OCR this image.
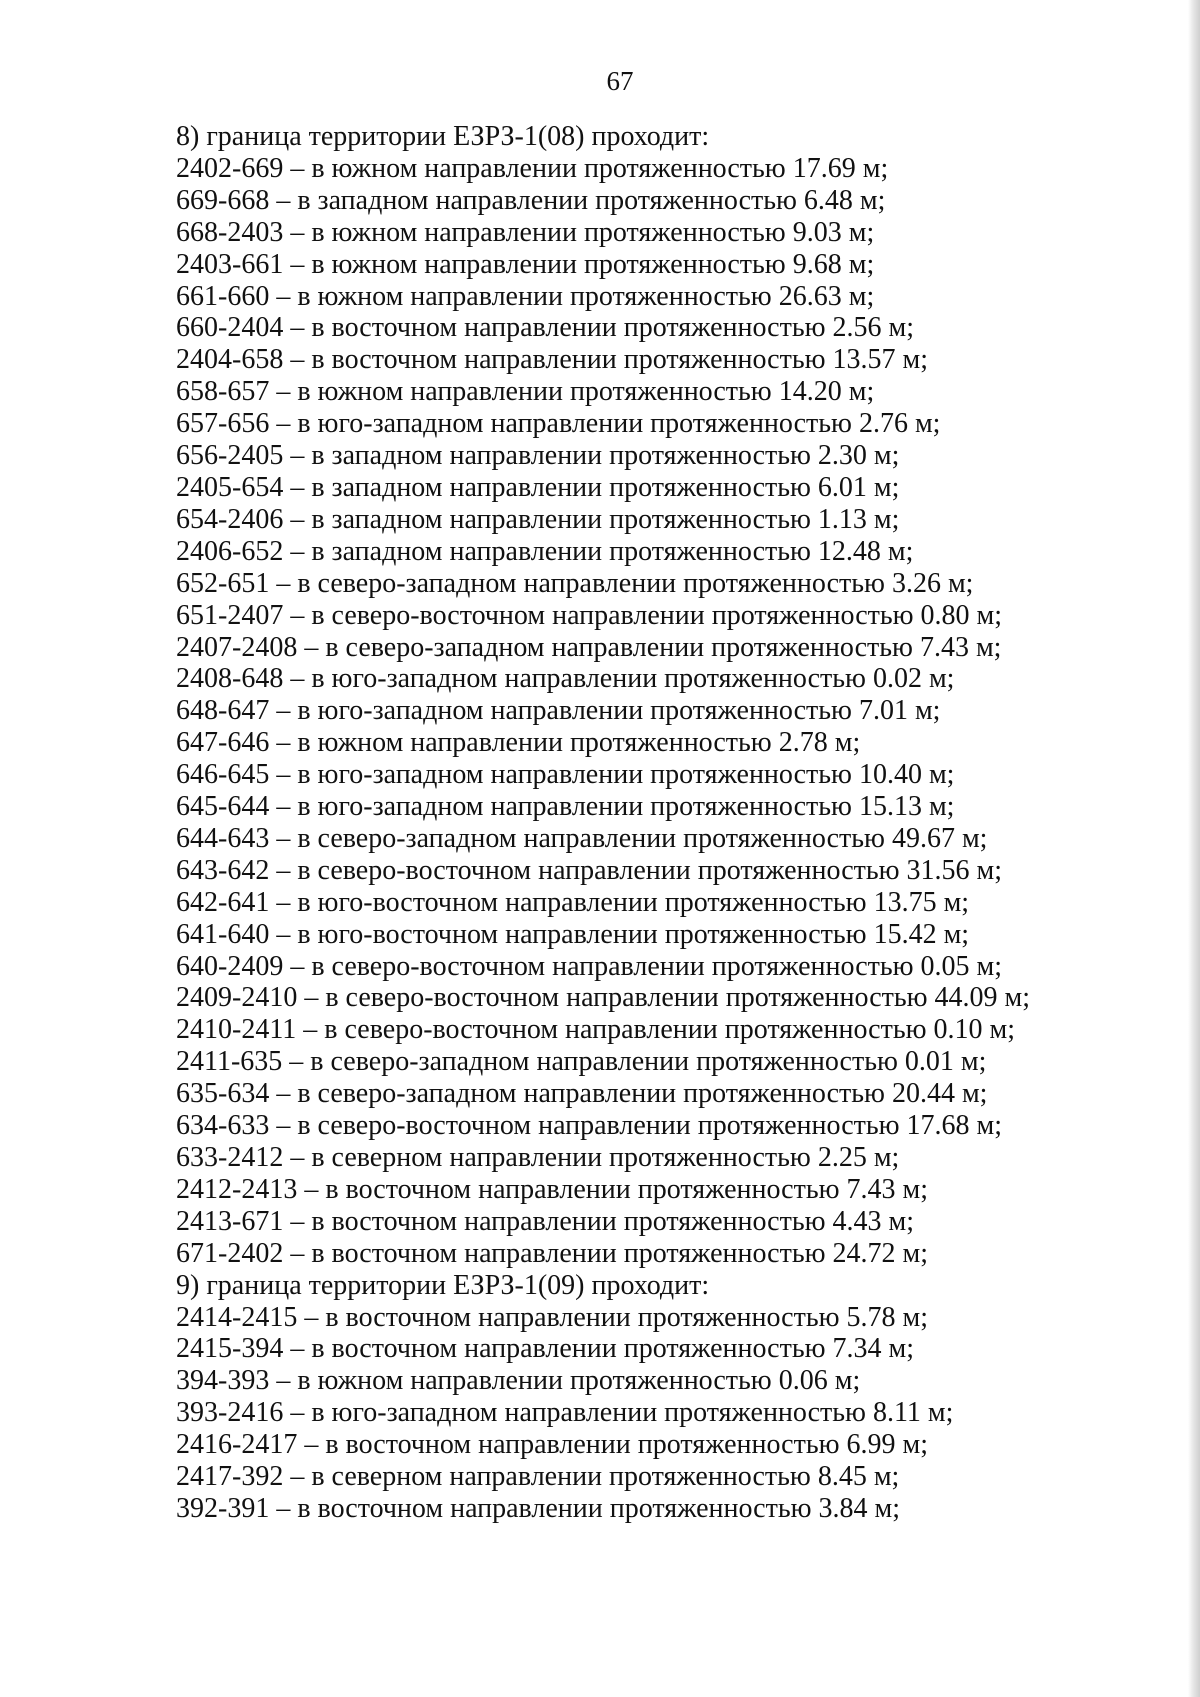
67
8) граница территории ЕЗРЗ-1(08) проходит:
2402-669 – в южном направлении протяженностью 17.69 м;
669-668 – в западном направлении протяженностью 6.48 м;
668-2403 – в южном направлении протяженностью 9.03 м;
2403-661 – в южном направлении протяженностью 9.68 м;
661-660 – в южном направлении протяженностью 26.63 м;
660-2404 – в восточном направлении протяженностью 2.56 м;
2404-658 – в восточном направлении протяженностью 13.57 м;
658-657 – в южном направлении протяженностью 14.20 м;
657-656 – в юго-западном направлении протяженностью 2.76 м;
656-2405 – в западном направлении протяженностью 2.30 м;
2405-654 – в западном направлении протяженностью 6.01 м;
654-2406 – в западном направлении протяженностью 1.13 м;
2406-652 – в западном направлении протяженностью 12.48 м;
652-651 – в северо-западном направлении протяженностью 3.26 м;
651-2407 – в северо-восточном направлении протяженностью 0.80 м;
2407-2408 – в северо-западном направлении протяженностью 7.43 м;
2408-648 – в юго-западном направлении протяженностью 0.02 м;
648-647 – в юго-западном направлении протяженностью 7.01 м;
647-646 – в южном направлении протяженностью 2.78 м;
646-645 – в юго-западном направлении протяженностью 10.40 м;
645-644 – в юго-западном направлении протяженностью 15.13 м;
644-643 – в северо-западном направлении протяженностью 49.67 м;
643-642 – в северо-восточном направлении протяженностью 31.56 м;
642-641 – в юго-восточном направлении протяженностью 13.75 м;
641-640 – в юго-восточном направлении протяженностью 15.42 м;
640-2409 – в северо-восточном направлении протяженностью 0.05 м;
2409-2410 – в северо-восточном направлении протяженностью 44.09 м;
2410-2411 – в северо-восточном направлении протяженностью 0.10 м;
2411-635 – в северо-западном направлении протяженностью 0.01 м;
635-634 – в северо-западном направлении протяженностью 20.44 м;
634-633 – в северо-восточном направлении протяженностью 17.68 м;
633-2412 – в северном направлении протяженностью 2.25 м;
2412-2413 – в восточном направлении протяженностью 7.43 м;
2413-671 – в восточном направлении протяженностью 4.43 м;
671-2402 – в восточном направлении протяженностью 24.72 м;
9) граница территории ЕЗРЗ-1(09) проходит:
2414-2415 – в восточном направлении протяженностью 5.78 м;
2415-394 – в восточном направлении протяженностью 7.34 м;
394-393 – в южном направлении протяженностью 0.06 м;
393-2416 – в юго-западном направлении протяженностью 8.11 м;
2416-2417 – в восточном направлении протяженностью 6.99 м;
2417-392 – в северном направлении протяженностью 8.45 м;
392-391 – в восточном направлении протяженностью 3.84 м;
